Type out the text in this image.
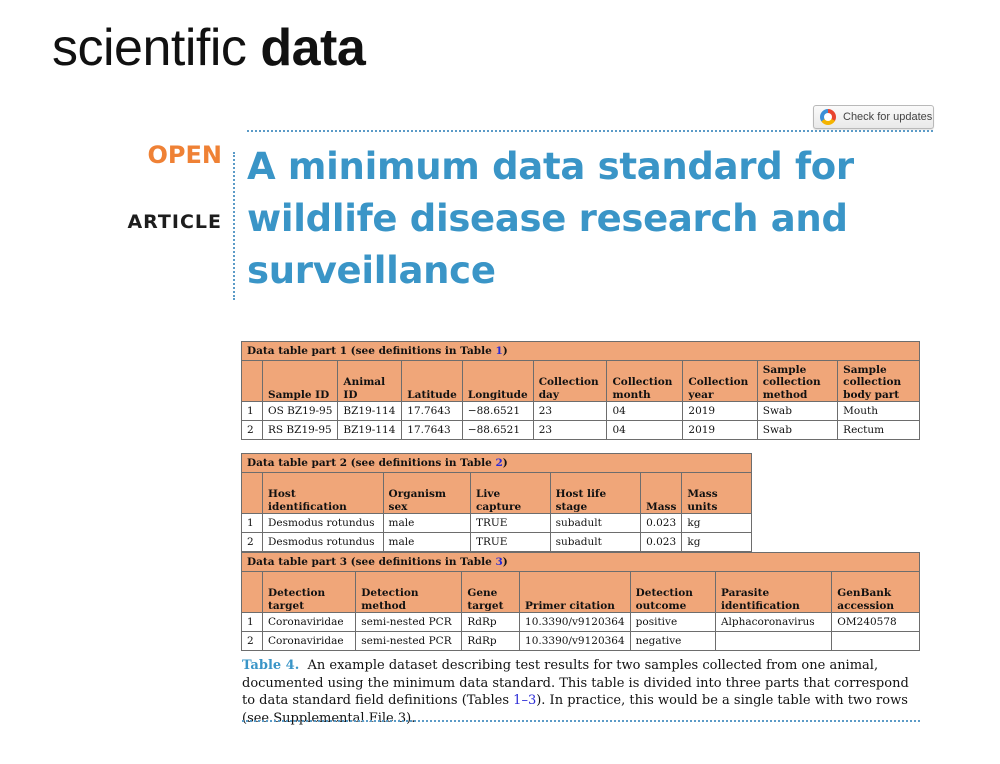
scientific data
Check for updates
OPEN
ARTICLE
A minimum data standard for wildlife disease research and surveillance
Data table part 1 (see definitions in Table 1)									
	Sample ID	Animal ID	Latitude	Longitude	Collection day	Collection month	Collection year	Sample collection method	Sample collection body part
1	OS BZ19-95	BZ19-114	17.7643	−88.6521	23	04	2019	Swab	Mouth
2	RS BZ19-95	BZ19-114	17.7643	−88.6521	23	04	2019	Swab	Rectum
Data table part 2 (see definitions in Table 2)						
	Host identification	Organism sex	Live capture	Host life stage	Mass	Mass units
1	Desmodus rotundus	male	TRUE	subadult	0.023	kg
2	Desmodus rotundus	male	TRUE	subadult	0.023	kg
Data table part 3 (see definitions in Table 3)							
	Detection target	Detection method	Gene target	Primer citation	Detection outcome	Parasite identification	GenBank accession
1	Coronaviridae	semi-nested PCR	RdRp	10.3390/v9120364	positive	Alphacoronavirus	OM240578
2	Coronaviridae	semi-nested PCR	RdRp	10.3390/v9120364	negative		
Table 4. An example dataset describing test results for two samples collected from one animal, documented using the minimum data standard. This table is divided into three parts that correspond to data standard field definitions (Tables 1–3). In practice, this would be a single table with two rows (see Supplemental File 3).
